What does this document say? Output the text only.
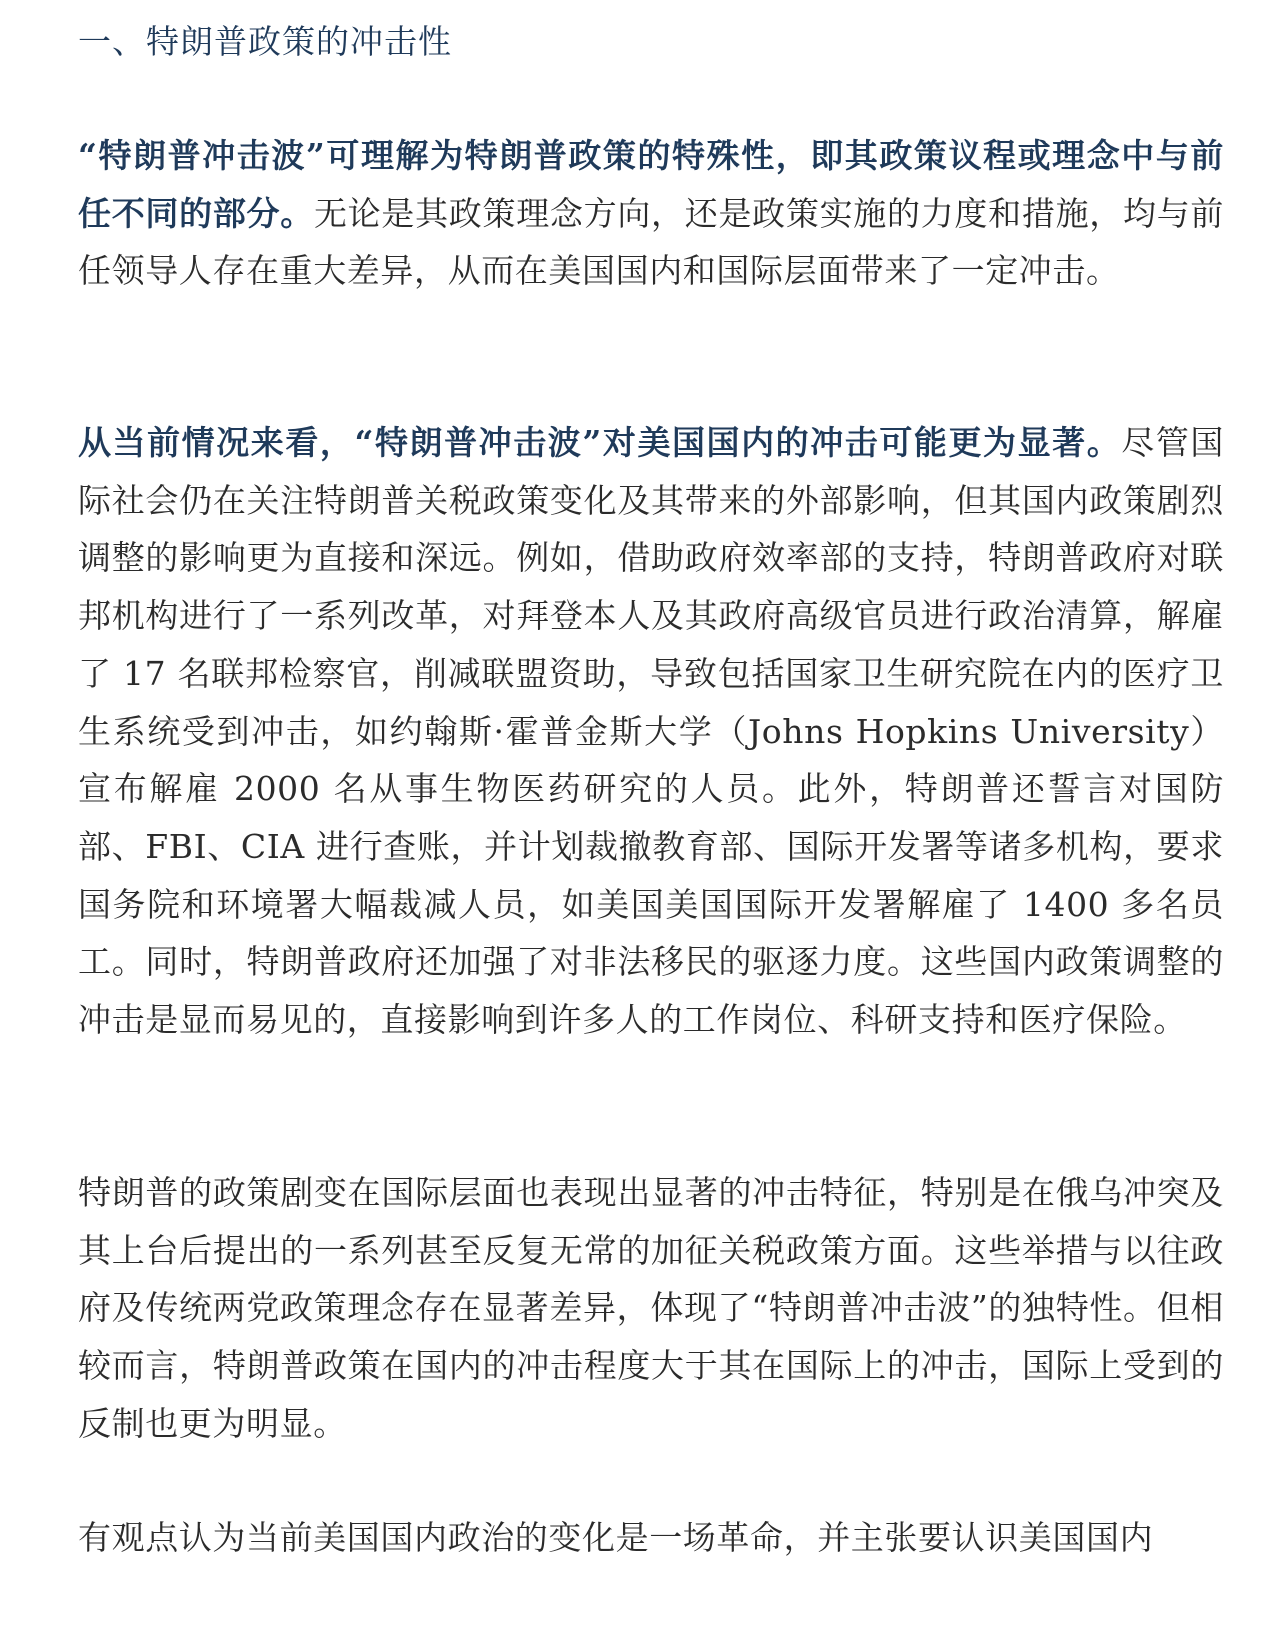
一、特朗普政策的冲击性

“特朗普冲击波”可理解为特朗普政策的特殊性，即其政策议程或理念中与前任不同的部分。无论是其政策理念方向，还是政策实施的力度和措施，均与前任领导人存在重大差异，从而在美国国内和国际层面带来了一定冲击。

从当前情况来看，“特朗普冲击波”对美国国内的冲击可能更为显著。尽管国际社会仍在关注特朗普关税政策变化及其带来的外部影响，但其国内政策剧烈调整的影响更为直接和深远。例如，借助政府效率部的支持，特朗普政府对联邦机构进行了一系列改革，对拜登本人及其政府高级官员进行政治清算，解雇了 17 名联邦检察官，削减联盟资助，导致包括国家卫生研究院在内的医疗卫生系统受到冲击，如约翰斯·霍普金斯大学（Johns Hopkins University）宣布解雇 2000 名从事生物医药研究的人员。此外，特朗普还誓言对国防部、FBI、CIA 进行查账，并计划裁撤教育部、国际开发署等诸多机构，要求国务院和环境署大幅裁减人员，如美国美国国际开发署解雇了 1400 多名员工。同时，特朗普政府还加强了对非法移民的驱逐力度。这些国内政策调整的冲击是显而易见的，直接影响到许多人的工作岗位、科研支持和医疗保险。

特朗普的政策剧变在国际层面也表现出显著的冲击特征，特别是在俄乌冲突及其上台后提出的一系列甚至反复无常的加征关税政策方面。这些举措与以往政府及传统两党政策理念存在显著差异，体现了“特朗普冲击波”的独特性。但相较而言，特朗普政策在国内的冲击程度大于其在国际上的冲击，国际上受到的反制也更为明显。

有观点认为当前美国国内政治的变化是一场革命，并主张要认识美国国内
